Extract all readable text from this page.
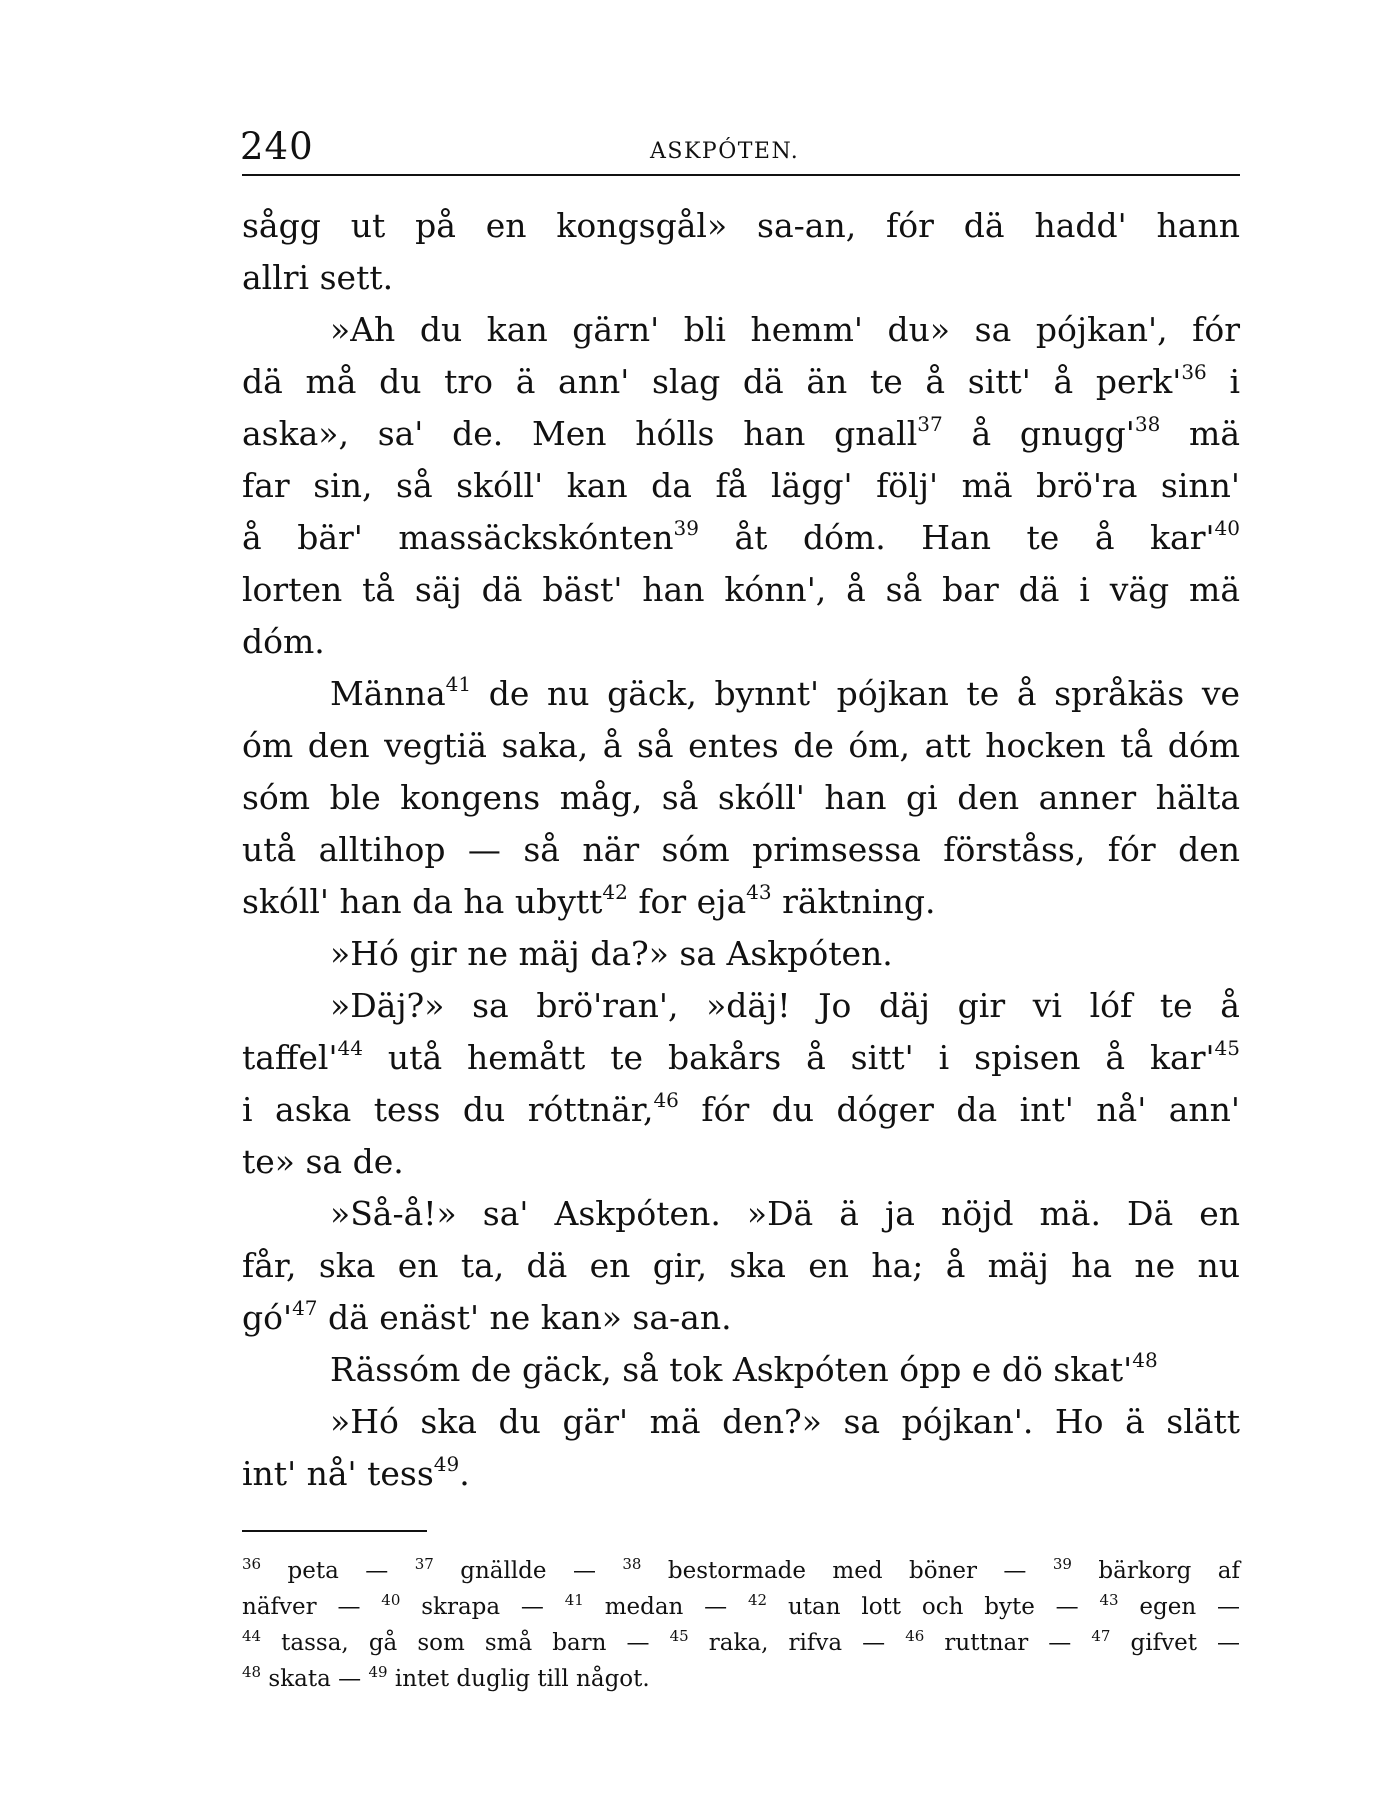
240	ASKPÓTEN.
sågg ut på en kongsgål» sa-an, fór dä hadd' hann
allri sett.
»Ah du kan gärn' bli hemm' du» sa pójkan', fór
dä må du tro ä ann' slag dä än te å sitt' å $perk'^{36}$ i
aska», sa' de. Men hólls han gnall$^{37}$ å $gnugg'^{38}$ mä
far sin, så skóll' kan da få lägg' följ' mä brö'ra sinn'
å bär' massäckskónten$^{39}$ åt dóm. Han te å $kar'^{40}$
lorten tå säj dä bäst' han kónn', å så bar dä i väg mä
dóm.
Männa$^{41}$ de nu gäck, bynnt' pójkan te å språkäs ve
óm den vegtiä saka, å så entes de óm, att hocken tå dóm
sóm ble kongens måg, så skóll' han gi den anner hälta
utå alltihop — så när sóm primsessa förståss, fór den
skóll' han da ha ubytt$^{42}$ for eja$^{43}$ räktning.
»Hó gir ne mäj da?» sa Askpóten.
»Däj?» sa brö'ran', »däj! Jo däj gir vi lóf te å
$taffel'^{44}$ utå hemått te bakårs å sitt' i spisen å $kar'^{45}$
i aska tess du róttnär,$^{46}$ fór du dóger da int' nå' ann'
te» sa de.
»Så-å!» sa' Askpóten. »Dä ä ja nöjd mä. Dä en
får, ska en ta, dä en gir, ska en ha; å mäj ha ne nu
$gó'^{47}$ dä enäst' ne kan» sa-an.
Rässóm de gäck, så tok Askpóten ópp e dö $skat'^{48}$
»Hó ska du gär' mä den?» sa pójkan'. Ho ä slätt
int' nå' tess$^{49}$.
$^{36}$ peta — $^{37}$ gnällde — $^{38}$ bestormade med böner — $^{39}$ bärkorg af
näfver — $^{40}$ skrapa — $^{41}$ medan — $^{42}$ utan lott och byte — $^{43}$ egen —
$^{44}$ tassa, gå som små barn — $^{45}$ raka, rifva — $^{46}$ ruttnar — $^{47}$ gifvet —
$^{48}$ skata — $^{49}$ intet duglig till något.
